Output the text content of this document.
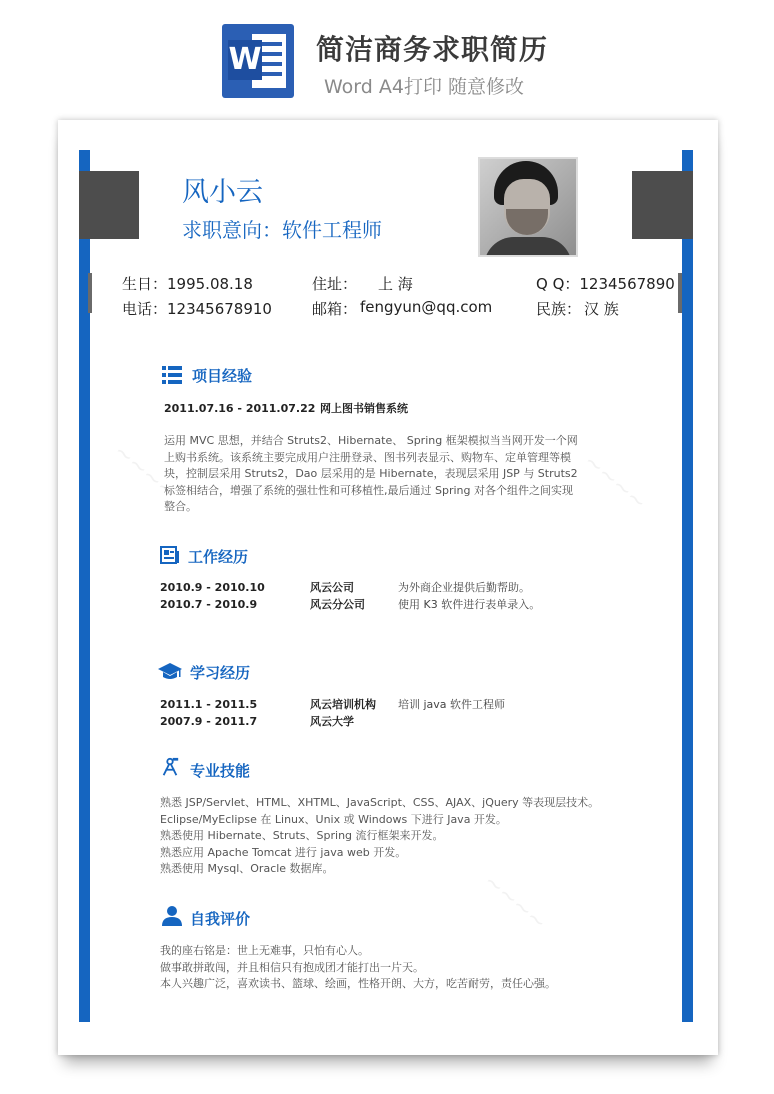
W 简洁商务求职简历
Word A4打印 随意修改
风小云
求职意向：软件工程师
生日：1995.08.18	住址： 上 海	Q Q：1234567890
电话：12345678910	邮箱： fengyun@qq.com	民族： 汉 族
项目经验
2011.07.16 - 2011.07.22 网上图书销售系统
运用 MVC 思想，并结合 Struts2、Hibernate、 Spring 框架模拟当当网开发一个网
上购书系统。该系统主要完成用户注册登录、图书列表显示、购物车、定单管理等模
块，控制层采用 Struts2，Dao 层采用的是 Hibernate，表现层采用 JSP 与 Struts2
标签相结合，增强了系统的强壮性和可移植性,最后通过 Spring 对各个组件之间实现
整合。
工作经历
2010.9 - 2010.10	风云公司	为外商企业提供后勤帮助。
2010.7 - 2010.9	风云分公司	使用 K3 软件进行表单录入。
学习经历
2011.1 - 2011.5	风云培训机构 培训 java 软件工程师
2007.9 - 2011.7	风云大学
专业技能
熟悉 JSP/Servlet、HTML、XHTML、JavaScript、CSS、AJAX、jQuery 等表现层技术。
Eclipse/MyEclipse 在 Linux、Unix 或 Windows 下进行 Java 开发。
熟悉使用 Hibernate、Struts、Spring 流行框架来开发。
熟悉应用 Apache Tomcat 进行 java web 开发。
熟悉使用 Mysql、Oracle 数据库。
自我评价
我的座右铭是：世上无难事，只怕有心人。
做事敢拼敢闯，并且相信只有抱成团才能打出一片天。
本人兴趣广泛，喜欢读书、篮球、绘画，性格开朗、大方，吃苦耐劳，责任心强。
~~~~	~~~~
~~~~
